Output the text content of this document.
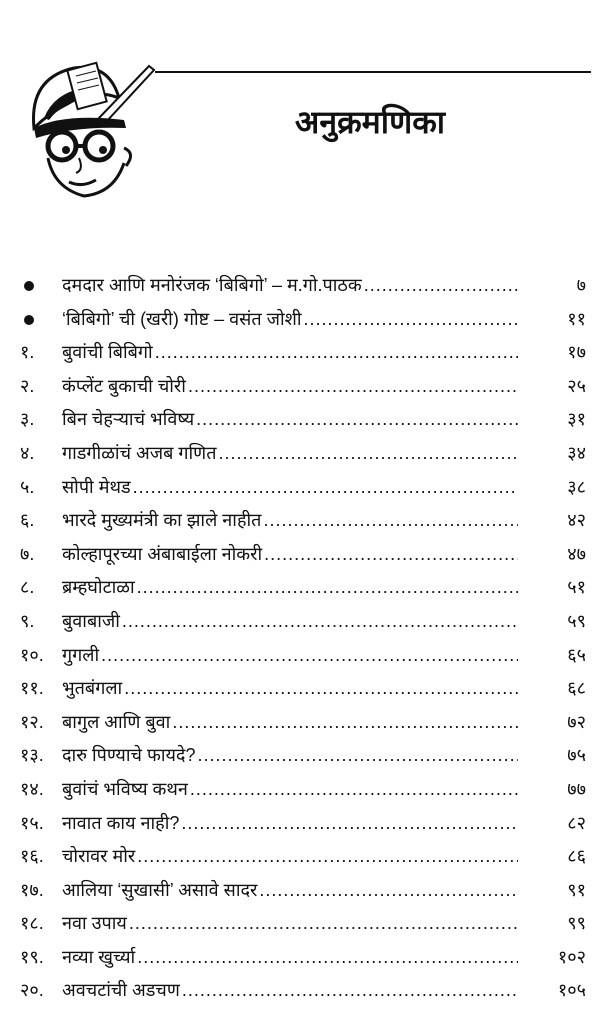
अनुक्रमणिका
दमदार आणि मनोरंजक ‘बिबिगो’ – म.गो.पाठक .....	७
‘बिबिगो’ ची (खरी) गोष्ट – वसंत जोशी .....	११
१.	बुवांची बिबिगो .....	१७
२.	कंप्लेंट बुकाची चोरी .....	२५
३.	बिन चेहऱ्याचं भविष्य .....	३१
४.	गाडगीळांचं अजब गणित .....	३४
५.	सोपी मेथड .....	३८
६.	भारदे मुख्यमंत्री का झाले नाहीत .....	४२
७.	कोल्हापूरच्या अंबाबाईला नोकरी .....	४७
८.	ब्रम्हघोटाळा .....	५१
९.	बुवाबाजी .....	५९
१०.	गुगली .....	६५
११.	भुतबंगला .....	६८
१२.	बागुल आणि बुवा .....	७२
१३.	दारु पिण्याचे फायदे? .....	७५
१४.	बुवांचं भविष्य कथन .....	७७
१५.	नावात काय नाही? .....	८२
१६.	चोरावर मोर .....	८६
१७.	आलिया ‘सुखासी’ असावे सादर .....	९१
१८.	नवा उपाय .....	९९
१९.	नव्या खुर्च्या .....	१०२
२०.	अवचटांची अडचण .....	१०५
